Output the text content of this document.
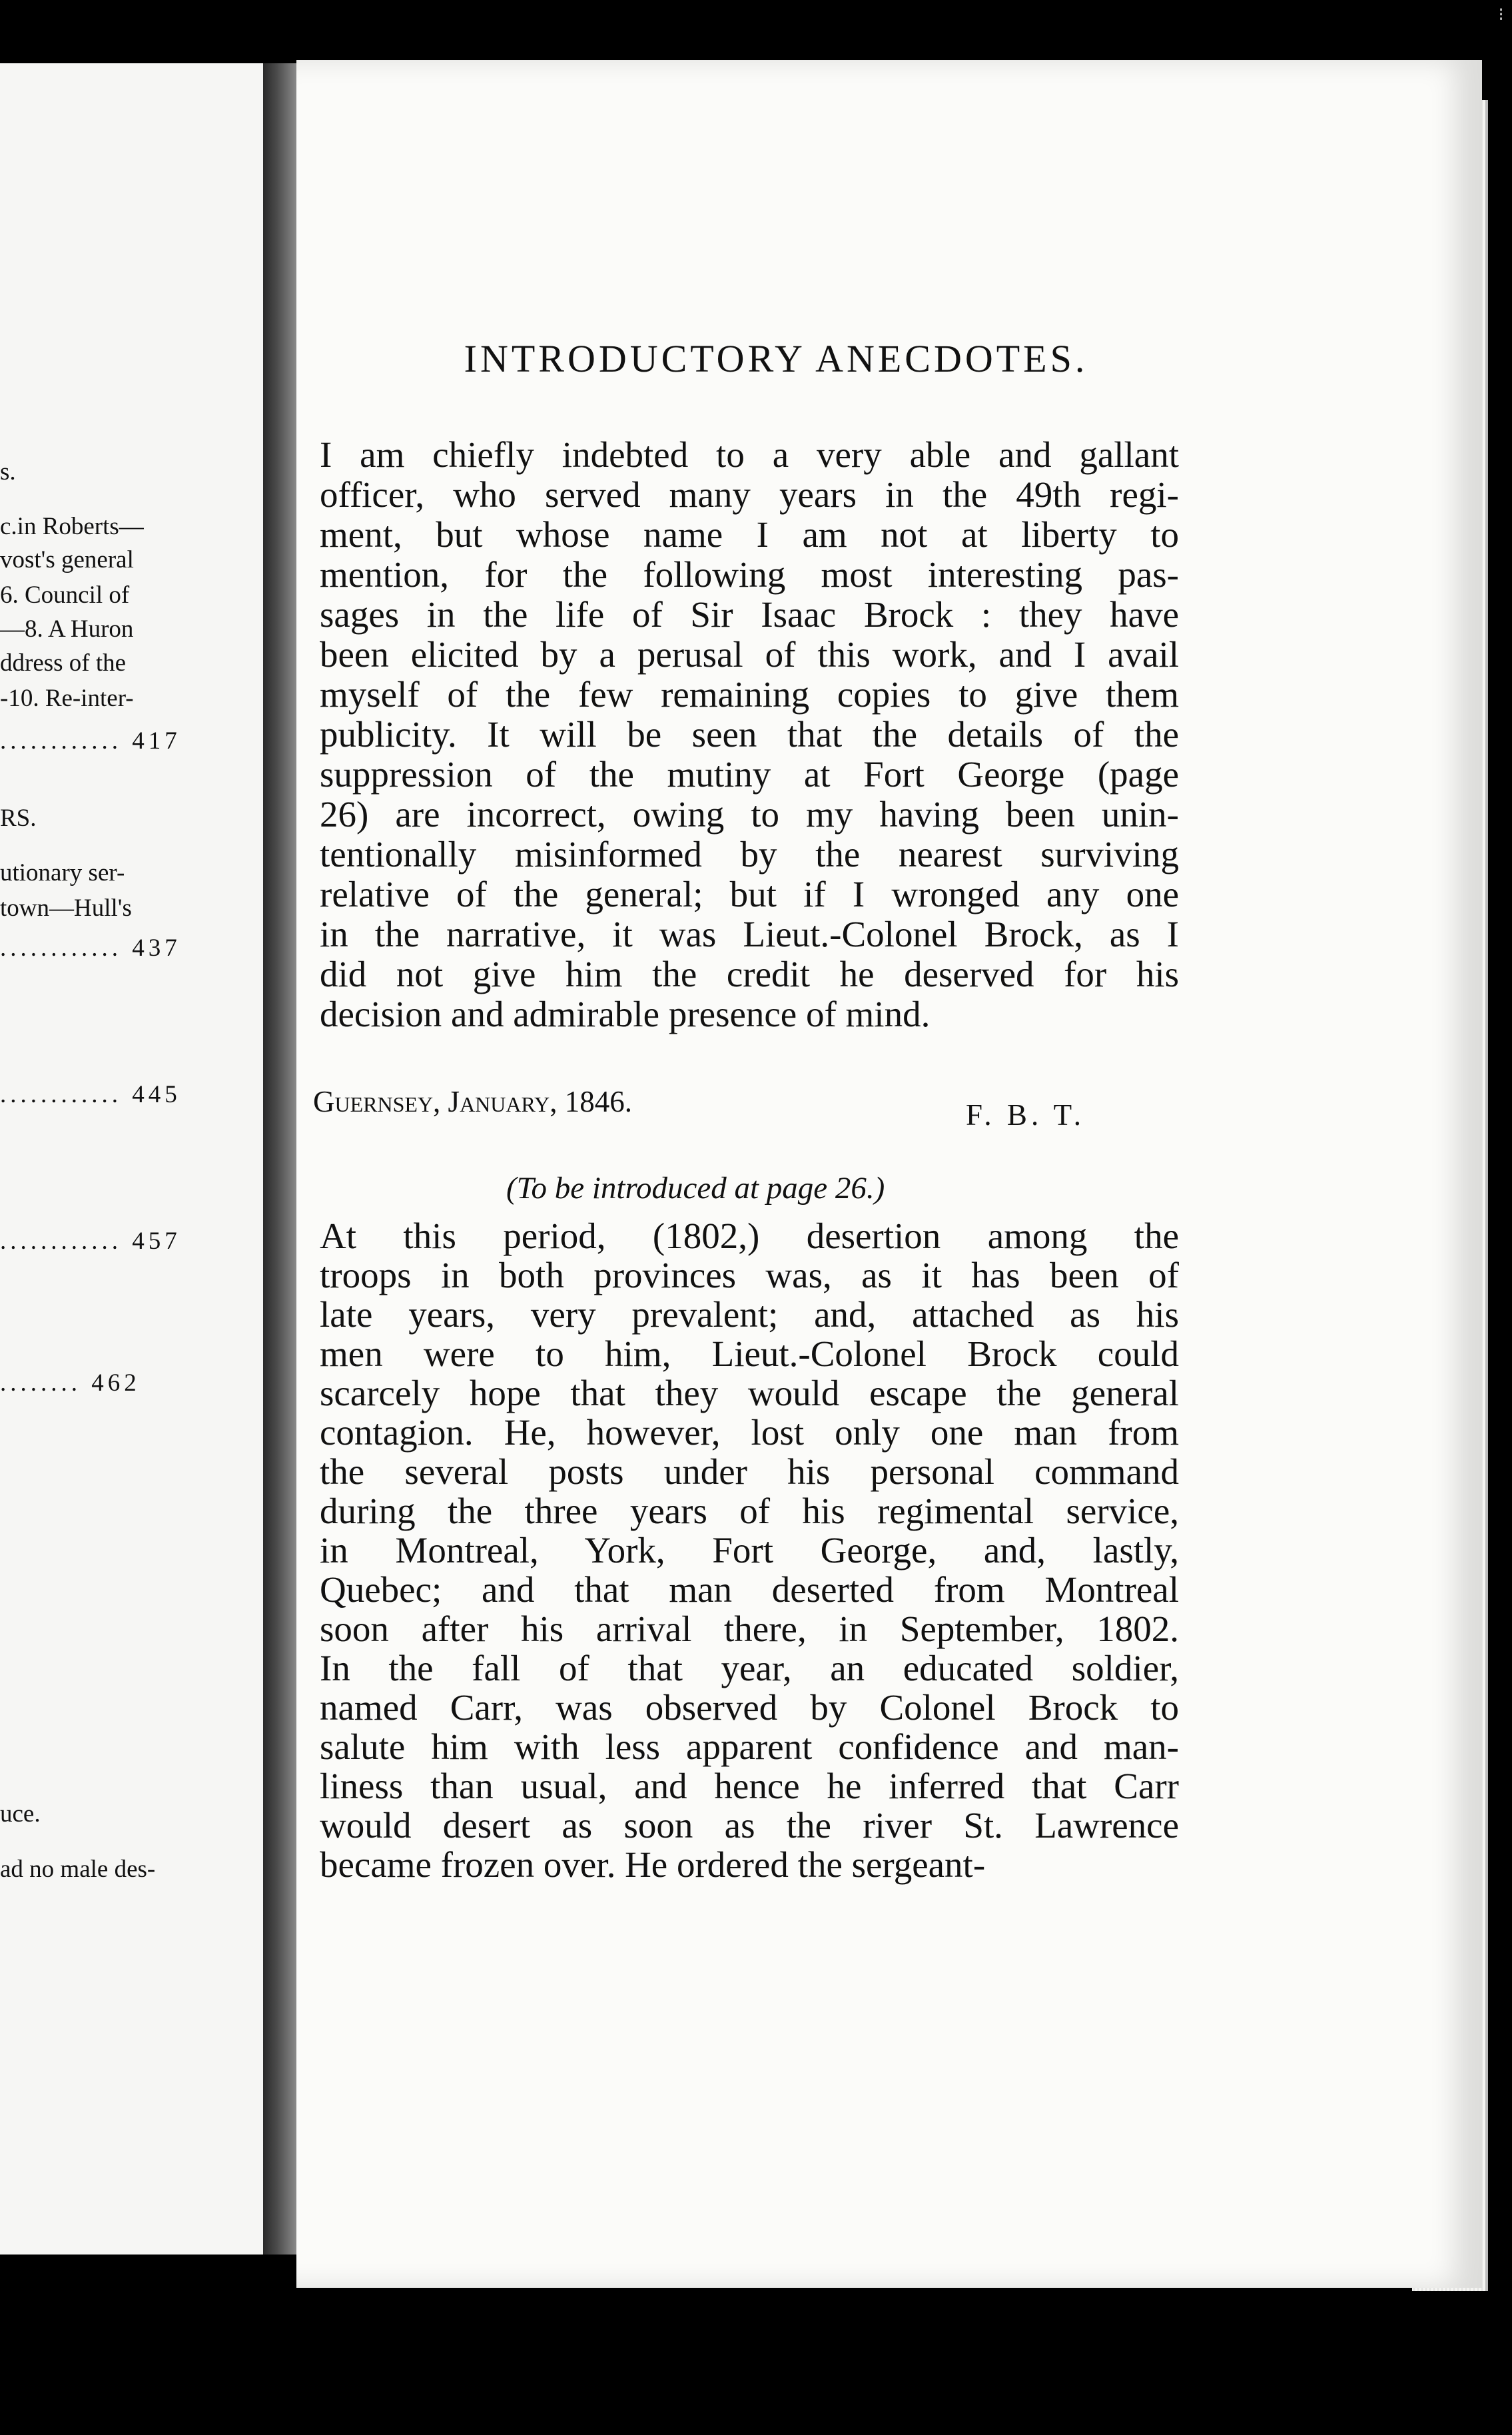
s.
c.in Roberts—
vost's general
6. Council of
—8. A Huron
ddress of the
-10. Re-inter-
............ 417
RS.
utionary ser-
town—Hull's
............ 437
............ 445
............ 457
........ 462
uce.
ad no male des-
INTRODUCTORY ANECDOTES.
I am chiefly indebted to a very able and gallant
officer, who served many years in the 49th regi-
ment, but whose name I am not at liberty to
mention, for the following most interesting pas-
sages in the life of Sir Isaac Brock : they have
been elicited by a perusal of this work, and I avail
myself of the few remaining copies to give them
publicity. It will be seen that the details of the
suppression of the mutiny at Fort George (page
26) are incorrect, owing to my having been unin-
tentionally misinformed by the nearest surviving
relative of the general; but if I wronged any one
in the narrative, it was Lieut.-Colonel Brock, as I
did not give him the credit he deserved for his
decision and admirable presence of mind.
Guernsey, January, 1846.	F. B. T.
(To be introduced at page 26.)
At this period, (1802,) desertion among the
troops in both provinces was, as it has been of
late years, very prevalent; and, attached as his
men were to him, Lieut.-Colonel Brock could
scarcely hope that they would escape the general
contagion. He, however, lost only one man from
the several posts under his personal command
during the three years of his regimental service,
in Montreal, York, Fort George, and, lastly,
Quebec; and that man deserted from Montreal
soon after his arrival there, in September, 1802.
In the fall of that year, an educated soldier,
named Carr, was observed by Colonel Brock to
salute him with less apparent confidence and man-
liness than usual, and hence he inferred that Carr
would desert as soon as the river St. Lawrence
became frozen over. He ordered the sergeant-
⁝
